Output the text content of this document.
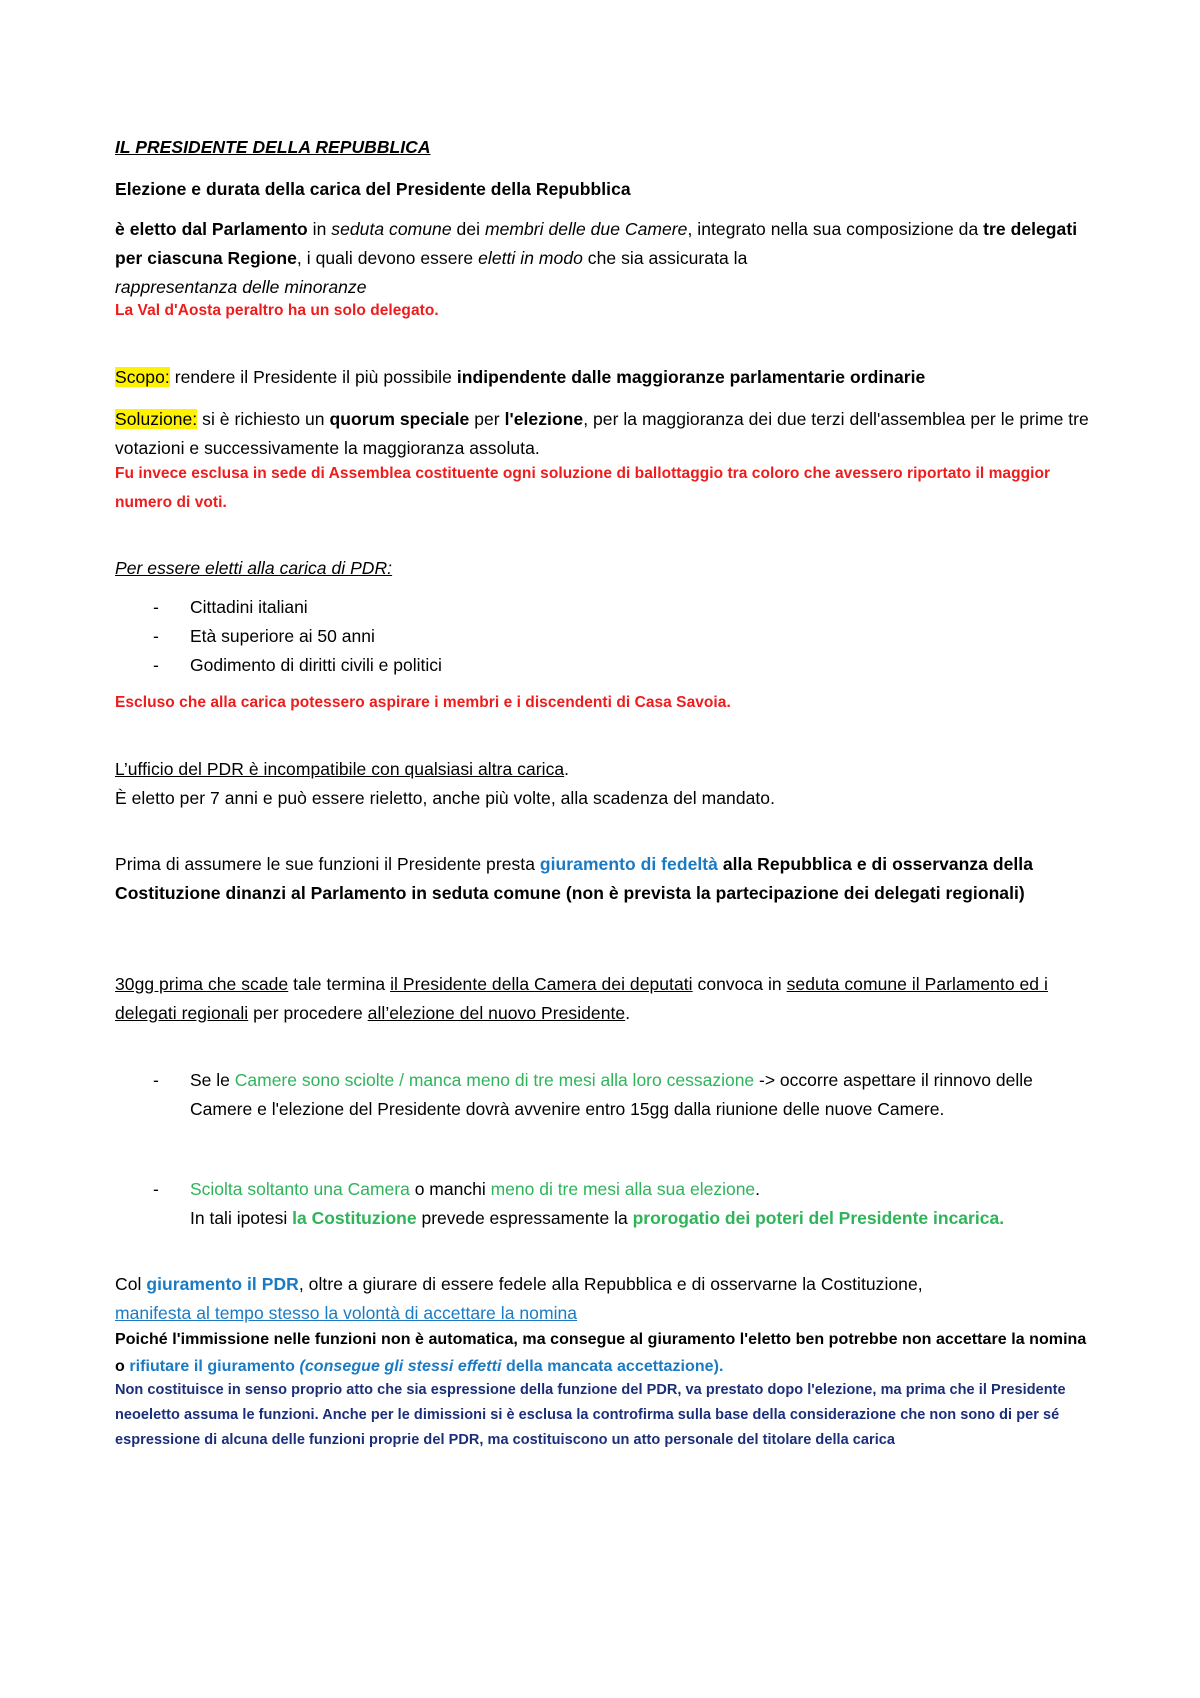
IL PRESIDENTE DELLA REPUBBLICA

Elezione e durata della carica del Presidente della Repubblica

è eletto dal Parlamento in seduta comune dei membri delle due Camere, integrato nella sua composizione da tre delegati per ciascuna Regione, i quali devono essere eletti in modo che sia assicurata la
rappresentanza delle minoranze

La Val d'Aosta peraltro ha un solo delegato.

Scopo: rendere il Presidente il più possibile indipendente dalle maggioranze parlamentarie ordinarie

Soluzione: si è richiesto un quorum speciale per l'elezione, per la maggioranza dei due terzi dell'assemblea per le prime tre votazioni e successivamente la maggioranza assoluta.

Fu invece esclusa in sede di Assemblea costituente ogni soluzione di ballottaggio tra coloro che avessero riportato il maggior numero di voti.

Per essere eletti alla carica di PDR:

- Cittadini italiani
- Età superiore ai 50 anni
- Godimento di diritti civili e politici

Escluso che alla carica potessero aspirare i membri e i discendenti di Casa Savoia.

L’ufficio del PDR è incompatibile con qualsiasi altra carica.
È eletto per 7 anni e può essere rieletto, anche più volte, alla scadenza del mandato.

Prima di assumere le sue funzioni il Presidente presta giuramento di fedeltà alla Repubblica e di osservanza della Costituzione dinanzi al Parlamento in seduta comune (non è prevista la partecipazione dei delegati regionali)

30gg prima che scade tale termina il Presidente della Camera dei deputati convoca in seduta comune il Parlamento ed i delegati regionali per procedere all’elezione del nuovo Presidente.

- Se le Camere sono sciolte / manca meno di tre mesi alla loro cessazione -> occorre aspettare il rinnovo delle Camere e l'elezione del Presidente dovrà avvenire entro 15gg dalla riunione delle nuove Camere.
- Sciolta soltanto una Camera o manchi meno di tre mesi alla sua elezione.
In tali ipotesi la Costituzione prevede espressamente la prorogatio dei poteri del Presidente incarica.

Col giuramento il PDR, oltre a giurare di essere fedele alla Repubblica e di osservarne la Costituzione,
manifesta al tempo stesso la volontà di accettare la nomina

Poiché l'immissione nelle funzioni non è automatica, ma consegue al giuramento l'eletto ben potrebbe non accettare la nomina o rifiutare il giuramento (consegue gli stessi effetti della mancata accettazione).

Non costituisce in senso proprio atto che sia espressione della funzione del PDR, va prestato dopo l'elezione, ma prima che il Presidente neoeletto assuma le funzioni. Anche per le dimissioni si è esclusa la controfirma sulla base della considerazione che non sono di per sé espressione di alcuna delle funzioni proprie del PDR, ma costituiscono un atto personale del titolare della carica
